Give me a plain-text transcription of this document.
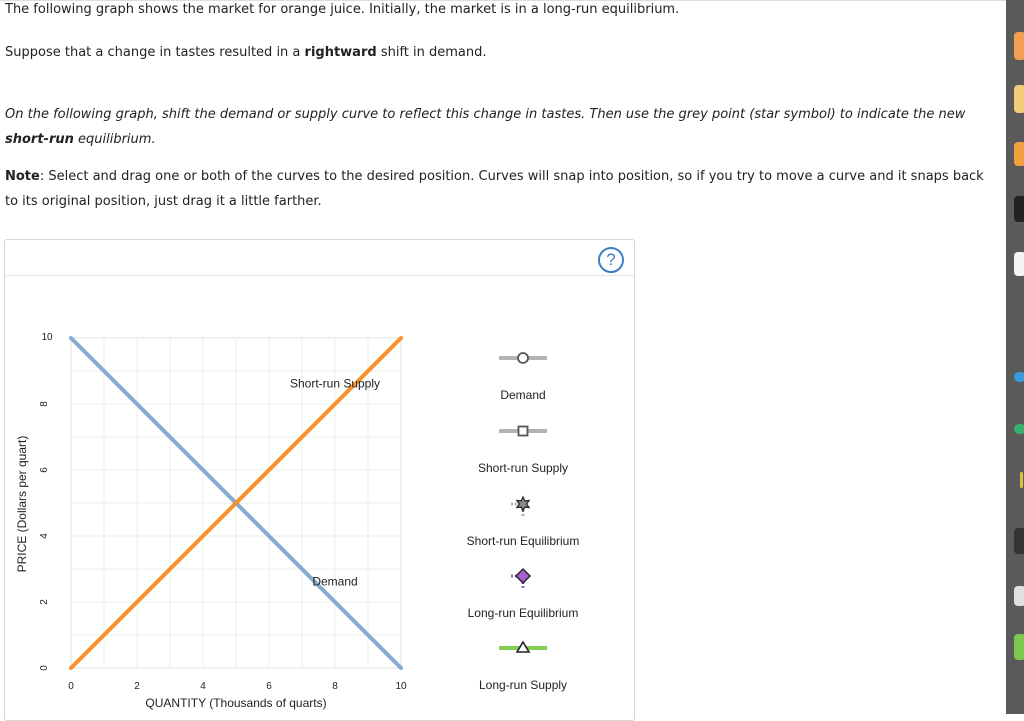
The following graph shows the market for orange juice. Initially, the market is in a long-run equilibrium.
Suppose that a change in tastes resulted in a rightward shift in demand.
On the following graph, shift the demand or supply curve to reflect this change in tastes. Then use the grey point (star symbol) to indicate the new
short-run equilibrium.
Note: Select and drag one or both of the curves to the desired position. Curves will snap into position, so if you try to move a curve and it snaps back
to its original position, just drag it a little farther.
?
Demand
Short-run Supply
0	2	4	6	8	10
0
2
4
6
8
10
QUANTITY (Thousands of quarts)
PRICE (Dollars per quart)
Demand
Short-run Supply
Short-run Equilibrium
Long-run Equilibrium
Long-run Supply
